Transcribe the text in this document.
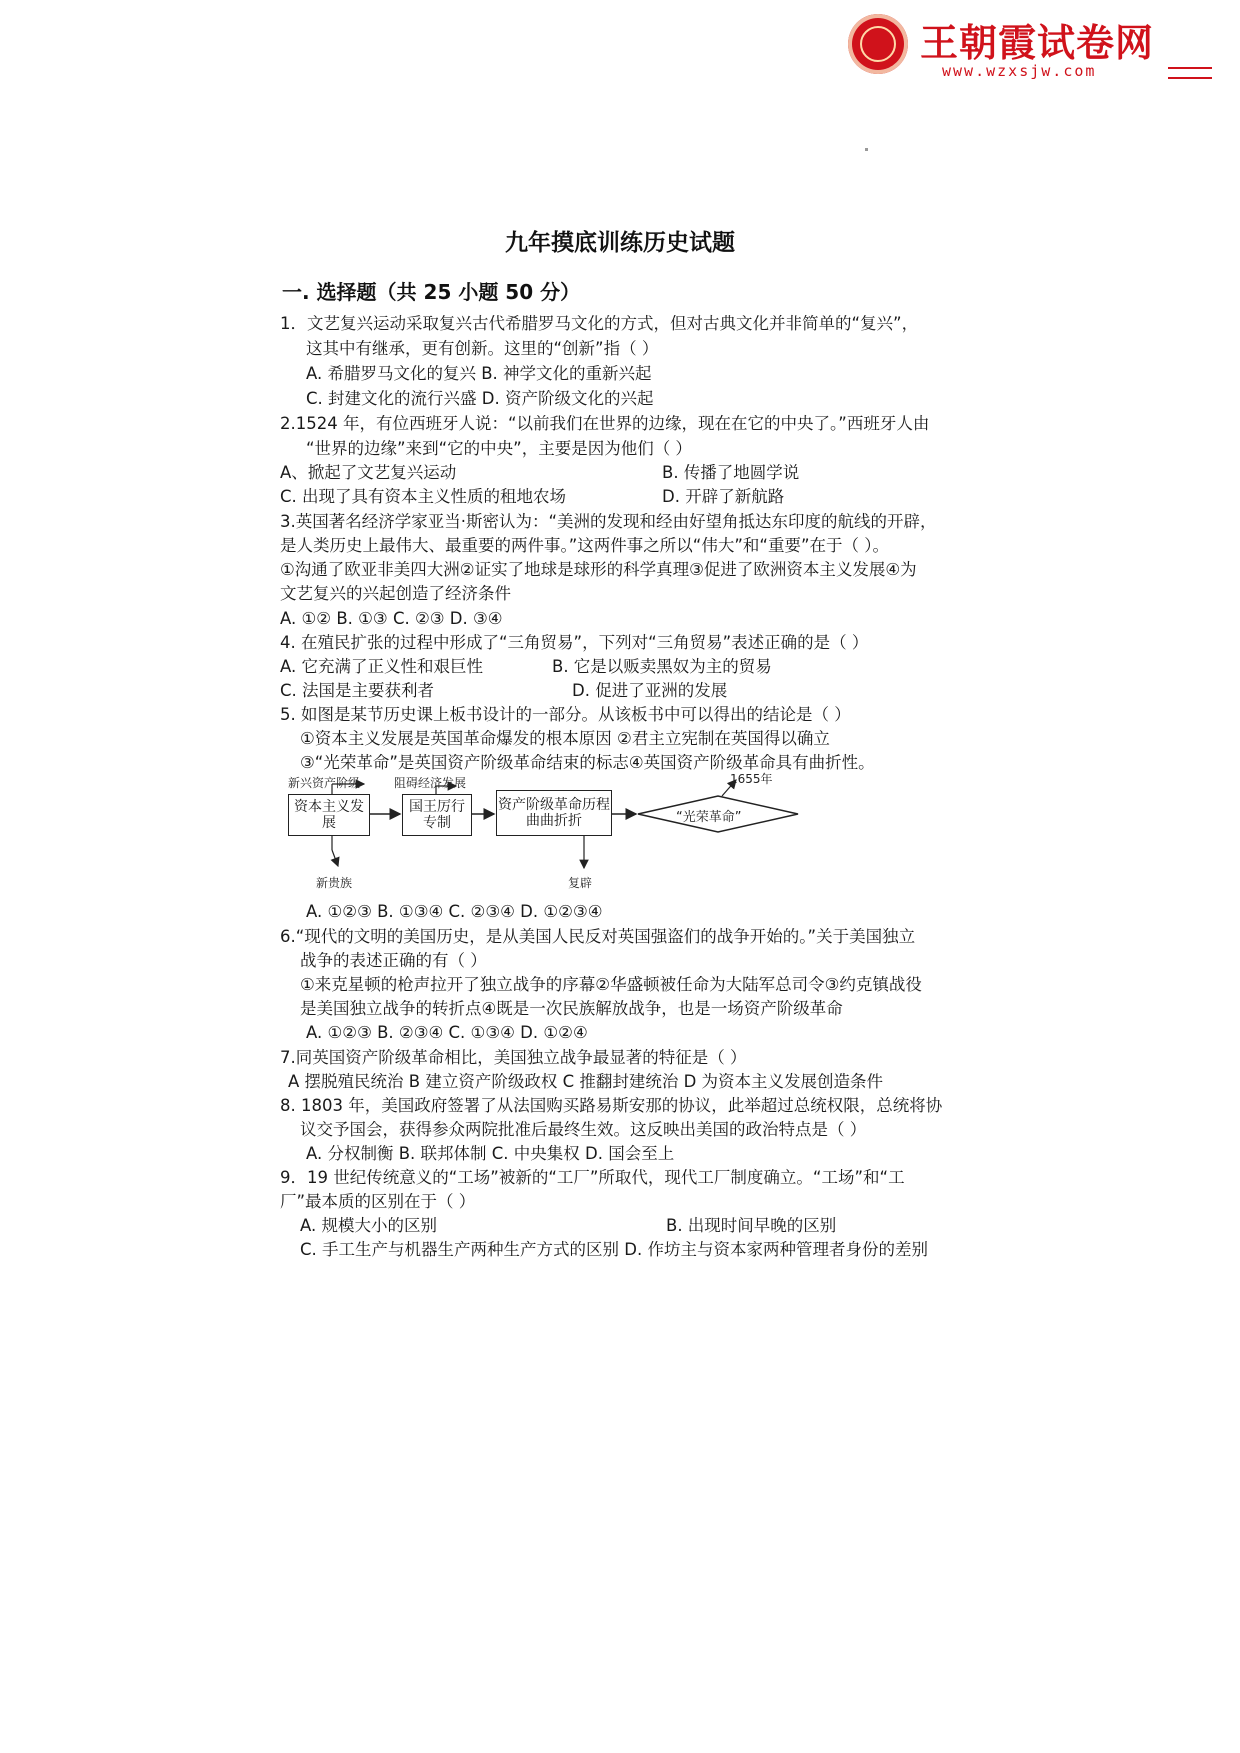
王朝霞试卷网
www.wzxsjw.com
九年摸底训练历史试题
一. 选择题（共 25 小题 50 分）
1．文艺复兴运动采取复兴古代希腊罗马文化的方式，但对古典文化并非简单的“复兴”，
这其中有继承，更有创新。这里的“创新”指（ ）
A. 希腊罗马文化的复兴 B. 神学文化的重新兴起
C. 封建文化的流行兴盛 D. 资产阶级文化的兴起
2.1524 年，有位西班牙人说：“以前我们在世界的边缘，现在在它的中央了。”西班牙人由
“世界的边缘”来到“它的中央”，主要是因为他们（ ）
A、掀起了文艺复兴运动	B. 传播了地圆学说
C. 出现了具有资本主义性质的租地农场	D. 开辟了新航路
3.英国著名经济学家亚当·斯密认为：“美洲的发现和经由好望角抵达东印度的航线的开辟，
是人类历史上最伟大、最重要的两件事。”这两件事之所以“伟大”和“重要”在于（ ）。
①沟通了欧亚非美四大洲②证实了地球是球形的科学真理③促进了欧洲资本主义发展④为
文艺复兴的兴起创造了经济条件
A. ①② B. ①③ C. ②③ D. ③④
4. 在殖民扩张的过程中形成了“三角贸易”，下列对“三角贸易”表述正确的是（ ）
A. 它充满了正义性和艰巨性	B. 它是以贩卖黑奴为主的贸易
C. 法国是主要获利者	D. 促进了亚洲的发展
5. 如图是某节历史课上板书设计的一部分。从该板书中可以得出的结论是（ ）
①资本主义发展是英国革命爆发的根本原因 ②君主立宪制在英国得以确立
③“光荣革命”是英国资产阶级革命结束的标志④英国资产阶级革命具有曲折性。
资本主义发展
国王厉行专制
资产阶级革命历程曲曲折折	“光荣革命”
新兴资产阶级	阻碍经济发展
新贵族	复辟
1655年
A. ①②③ B. ①③④ C. ②③④ D. ①②③④
6.“现代的文明的美国历史，是从美国人民反对英国强盗们的战争开始的。”关于美国独立
战争的表述正确的有（ ）
①来克星顿的枪声拉开了独立战争的序幕②华盛顿被任命为大陆军总司令③约克镇战役
是美国独立战争的转折点④既是一次民族解放战争，也是一场资产阶级革命
A. ①②③ B. ②③④ C. ①③④ D. ①②④
7.同英国资产阶级革命相比，美国独立战争最显著的特征是（ ）
A 摆脱殖民统治 B 建立资产阶级政权 C 推翻封建统治 D 为资本主义发展创造条件
8. 1803 年，美国政府签署了从法国购买路易斯安那的协议，此举超过总统权限，总统将协
议交予国会，获得参众两院批准后最终生效。这反映出美国的政治特点是（ ）
A. 分权制衡 B. 联邦体制 C. 中央集权 D. 国会至上
9．19 世纪传统意义的“工场”被新的“工厂”所取代，现代工厂制度确立。“工场”和“工
厂”最本质的区别在于（ ）
A. 规模大小的区别	B. 出现时间早晚的区别
C. 手工生产与机器生产两种生产方式的区别 D. 作坊主与资本家两种管理者身份的差别
